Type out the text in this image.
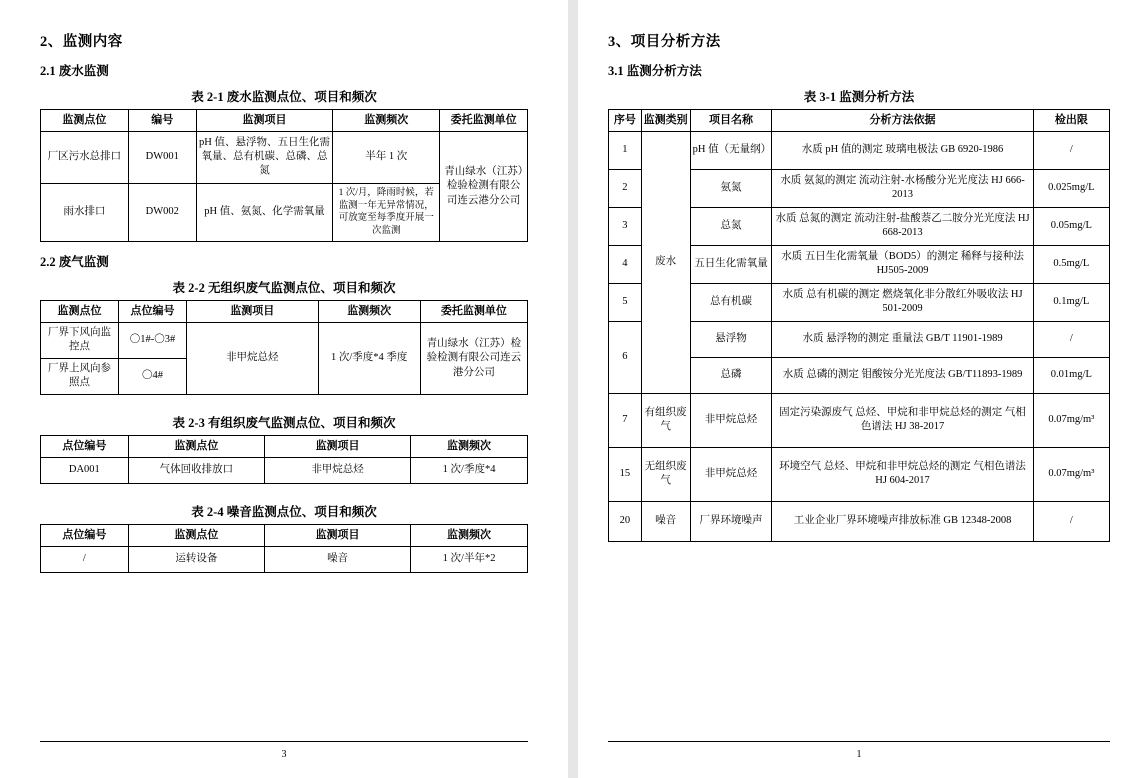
2、监测内容
2.1 废水监测
表 2-1 废水监测点位、项目和频次
监测点位	编号	监测项目	监测频次	委托监测单位
厂区污水总排口	DW001	pH 值、悬浮物、五日生化需氧量、总有机碳、总磷、总氮	半年 1 次	青山绿水（江苏）检验检测有限公司连云港分公司
雨水排口	DW002	pH 值、氨氮、化学需氧量	1 次/月，降雨时候，若监测一年无异常情况，可放宽至每季度开展一次监测	
2.2 废气监测
表 2-2 无组织废气监测点位、项目和频次
监测点位	点位编号	监测项目	监测频次	委托监测单位
厂界下风向监控点	〇1#-〇3#	非甲烷总烃	1 次/季度*4 季度	青山绿水（江苏）检验检测有限公司连云港分公司
厂界上风向参照点	〇4#			
表 2-3 有组织废气监测点位、项目和频次
点位编号	监测点位	监测项目	监测频次
DA001	气体回收排放口	非甲烷总烃	1 次/季度*4
表 2-4 噪音监测点位、项目和频次
点位编号	监测点位	监测项目	监测频次
/	运转设备	噪音	1 次/半年*2
3
3、项目分析方法
3.1 监测分析方法
表 3-1 监测分析方法
序号	监测类别	项目名称	分析方法依据	检出限
1	废水	pH 值（无量纲）	水质 pH 值的测定 玻璃电极法 GB 6920-1986	/
2		氨氮	水质 氨氮的测定 流动注射-水杨酸分光光度法 HJ 666-2013	0.025mg/L
3		总氮	水质 总氮的测定 流动注射-盐酸萘乙二胺分光光度法 HJ 668-2013	0.05mg/L
4		五日生化需氧量	水质 五日生化需氧量（BOD5）的测定 稀释与接种法 HJ505-2009	0.5mg/L
5		总有机碳	水质 总有机碳的测定 燃烧氧化非分散红外吸收法 HJ 501-2009	0.1mg/L
6		悬浮物	水质 悬浮物的测定 重量法 GB/T 11901-1989	/
		总磷	水质 总磷的测定 钼酸铵分光光度法 GB/T11893-1989	0.01mg/L
7	有组织废气	非甲烷总烃	固定污染源废气 总烃、甲烷和非甲烷总烃的测定 气相色谱法 HJ 38-2017	0.07mg/m³
15	无组织废气	非甲烷总烃	环境空气 总烃、甲烷和非甲烷总烃的测定 气相色谱法 HJ 604-2017	0.07mg/m³
20	噪音	厂界环境噪声	工业企业厂界环境噪声排放标准 GB 12348-2008	/
1
